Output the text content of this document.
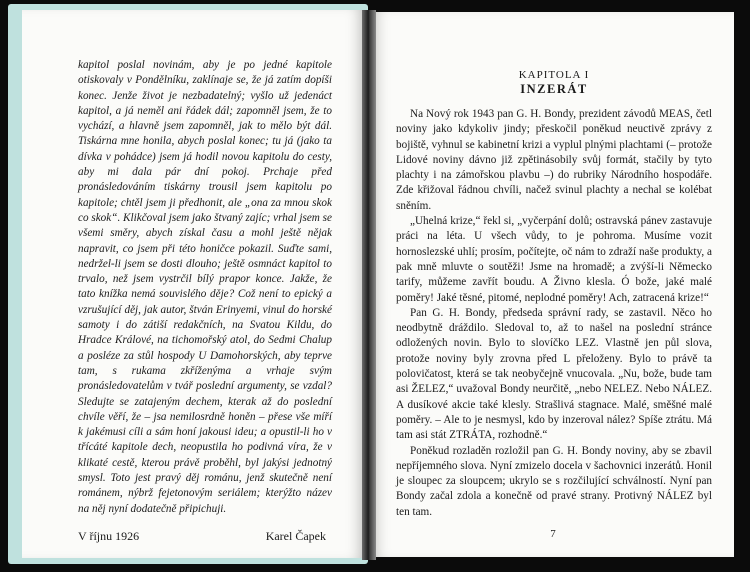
kapitol poslal novinám, aby je po jedné kapitole otiskovaly v Pondělníku, zaklínaje se, že já zatím dopíši konec. Jenže život je nezbadatelný; vyšlo už jedenáct kapitol, a já neměl ani řádek dál; zapomněl jsem, že to vychází, a hlavně jsem zapomněl, jak to mělo být dál. Tiskárna mne honila, abych poslal konec; tu já (jako ta dívka v pohádce) jsem já hodil novou kapitolu do cesty, aby mi dala pár dní pokoj. Prchaje před pronásledováním tiskárny trousil jsem kapitolu po kapitole; chtěl jsem ji předhonit, ale „ona za mnou skok co skok“. Klikčoval jsem jako štvaný zajíc; vrhal jsem se všemi směry, abych získal času a mohl ještě nějak napravit, co jsem při této honičce pokazil. Suďte sami, nedržel-li jsem se dosti dlouho; ještě osmnáct kapitol to trvalo, než jsem vystrčil bílý prapor konce. Jakže, že tato knížka nemá souvislého děje? Což není to epický a vzrušující děj, jak autor, štván Erinyemi, vinul do horské samoty i do zátiší redakčních, na Svatou Kildu, do Hradce Králové, na tichomořský atol, do Sedmi Chalup a posléze za stůl hospody U Damohorských, aby teprve tam, s rukama zkříženýma a vrhaje svým pronásledovatelům v tvář poslední argumenty, se vzdal? Sledujte se zatajeným dechem, kterak až do poslední chvíle věří, že – jsa nemilosrdně honěn – přese vše míří k jakémusi cíli a sám honí jakousi ideu; a opustil-li ho v třícáté kapitole dech, neopustila ho podivná víra, že v klikaté cestě, kterou právě proběhl, byl jakýsi jednotný smysl. Toto jest pravý děj románu, jenž skutečně není románem, nýbrž fejetonovým seriálem; kterýžto název na něj nyní dodatečně připichuji.

V říjnu 1926	Karel Čapek
KAPITOLA I
INZERÁT

Na Nový rok 1943 pan G. H. Bondy, prezident závodů MEAS, četl noviny jako kdykoliv jindy; přeskočil poněkud neuctivě zprávy z bojiště, vyhnul se kabinetní krizi a vyplul plnými plachtami (– protože Lidové noviny dávno již zpětinásobily svůj formát, stačily by tyto plachty i na zámořskou plavbu –) do rubriky Národního hospodáře. Zde křižoval řádnou chvíli, načež svinul plachty a nechal se kolébat sněním.

„Uhelná krize,“ řekl si, „vyčerpání dolů; ostravská pánev zastavuje práci na léta. U všech vůdy, to je pohroma. Musíme vozit hornoslezské uhlí; prosím, počítejte, oč nám to zdraží naše produkty, a pak mně mluvte o soutěži! Jsme na hromadě; a zvýší-li Německo tarify, můžeme zavřít boudu. A Živno klesla. Ó bože, jaké malé poměry! Jaké těsné, pitomé, neplodné poměry! Ach, zatracená krize!“

Pan G. H. Bondy, předseda správní rady, se zastavil. Něco ho neodbytně dráždilo. Sledoval to, až to našel na poslední stránce odložených novin. Bylo to slovíčko LEZ. Vlastně jen půl slova, protože noviny byly zrovna před L přeloženy. Bylo to právě ta polovičatost, která se tak neobyčejně vnucovala. „Nu, bože, bude tam asi ŽELEZ,“ uvažoval Bondy neurčitě, „nebo NELEZ. Nebo NÁLEZ. A dusíkové akcie také klesly. Strašlivá stagnace. Malé, směšné malé poměry. – Ale to je nesmysl, kdo by inzeroval nález? Spíše ztrátu. Má tam asi stát ZTRÁTA, rozhodně.“

Poněkud rozladěn rozložil pan G. H. Bondy noviny, aby se zbavil nepříjemného slova. Nyní zmizelo docela v šachovnici inzerátů. Honil je sloupec za sloupcem; ukrylo se s rozčilující schválností. Nyní pan Bondy začal zdola a konečně od pravé strany. Protivný NÁLEZ byl ten tam.

7
